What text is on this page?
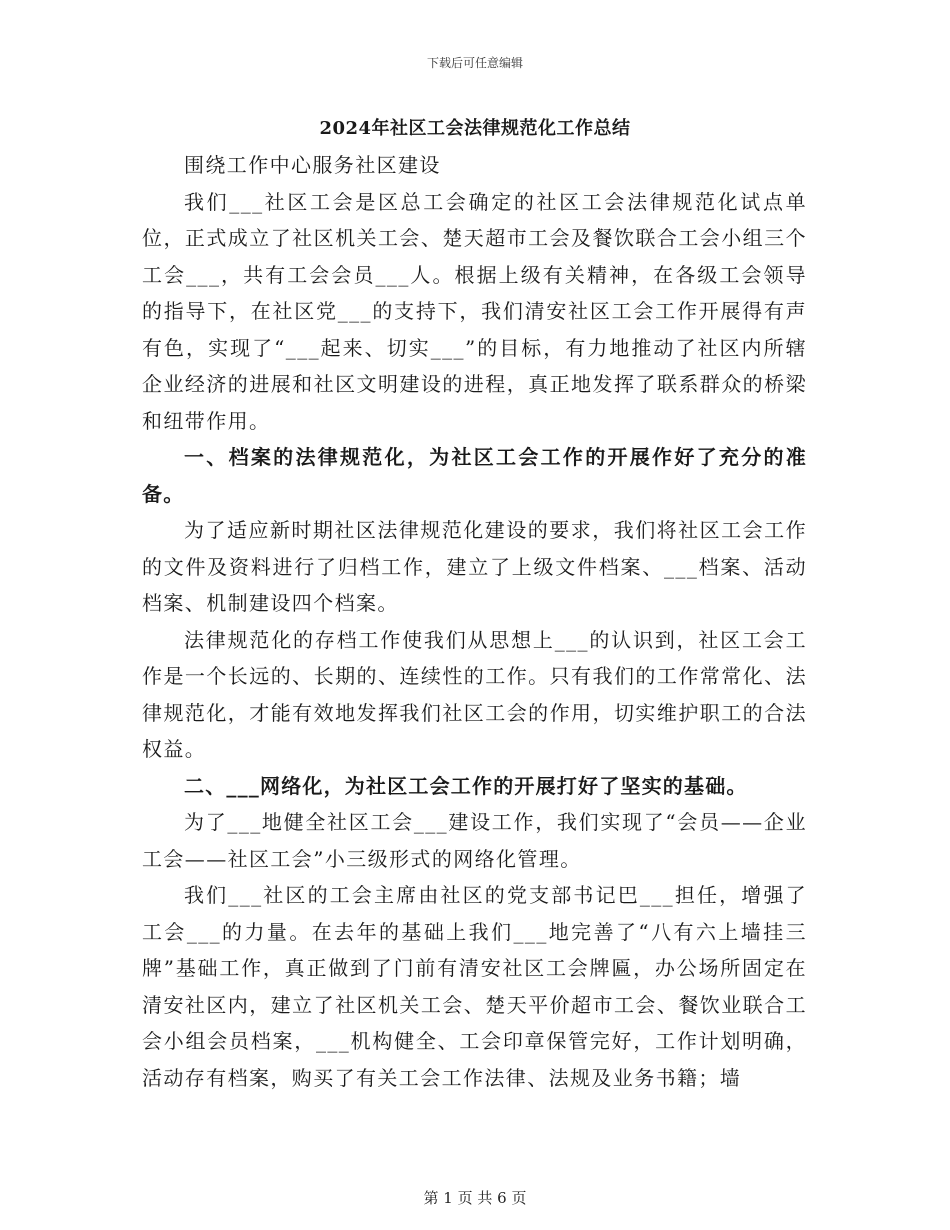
下载后可任意编辑
2024年社区工会法律规范化工作总结

围绕工作中心服务社区建设

我们___社区工会是区总工会确定的社区工会法律规范化试点单位，正式成立了社区机关工会、楚天超市工会及餐饮联合工会小组三个工会___，共有工会会员___人。根据上级有关精神，在各级工会领导的指导下，在社区党___的支持下，我们清安社区工会工作开展得有声有色，实现了“___起来、切实___”的目标，有力地推动了社区内所辖企业经济的进展和社区文明建设的进程，真正地发挥了联系群众的桥梁和纽带作用。

一、档案的法律规范化，为社区工会工作的开展作好了充分的准备。

为了适应新时期社区法律规范化建设的要求，我们将社区工会工作的文件及资料进行了归档工作，建立了上级文件档案、___档案、活动档案、机制建设四个档案。

法律规范化的存档工作使我们从思想上___的认识到，社区工会工作是一个长远的、长期的、连续性的工作。只有我们的工作常常化、法律规范化，才能有效地发挥我们社区工会的作用，切实维护职工的合法权益。

二、___网络化，为社区工会工作的开展打好了坚实的基础。

为了___地健全社区工会___建设工作，我们实现了“会员——企业工会——社区工会”小三级形式的网络化管理。

我们___社区的工会主席由社区的党支部书记巴___担任，增强了工会___的力量。在去年的基础上我们___地完善了“八有六上墙挂三牌”基础工作，真正做到了门前有清安社区工会牌匾，办公场所固定在清安社区内，建立了社区机关工会、楚天平价超市工会、餐饮业联合工会小组会员档案，___机构健全、工会印章保管完好，工作计划明确，活动存有档案，购买了有关工会工作法律、法规及业务书籍；墙

第 1 页 共 6 页
